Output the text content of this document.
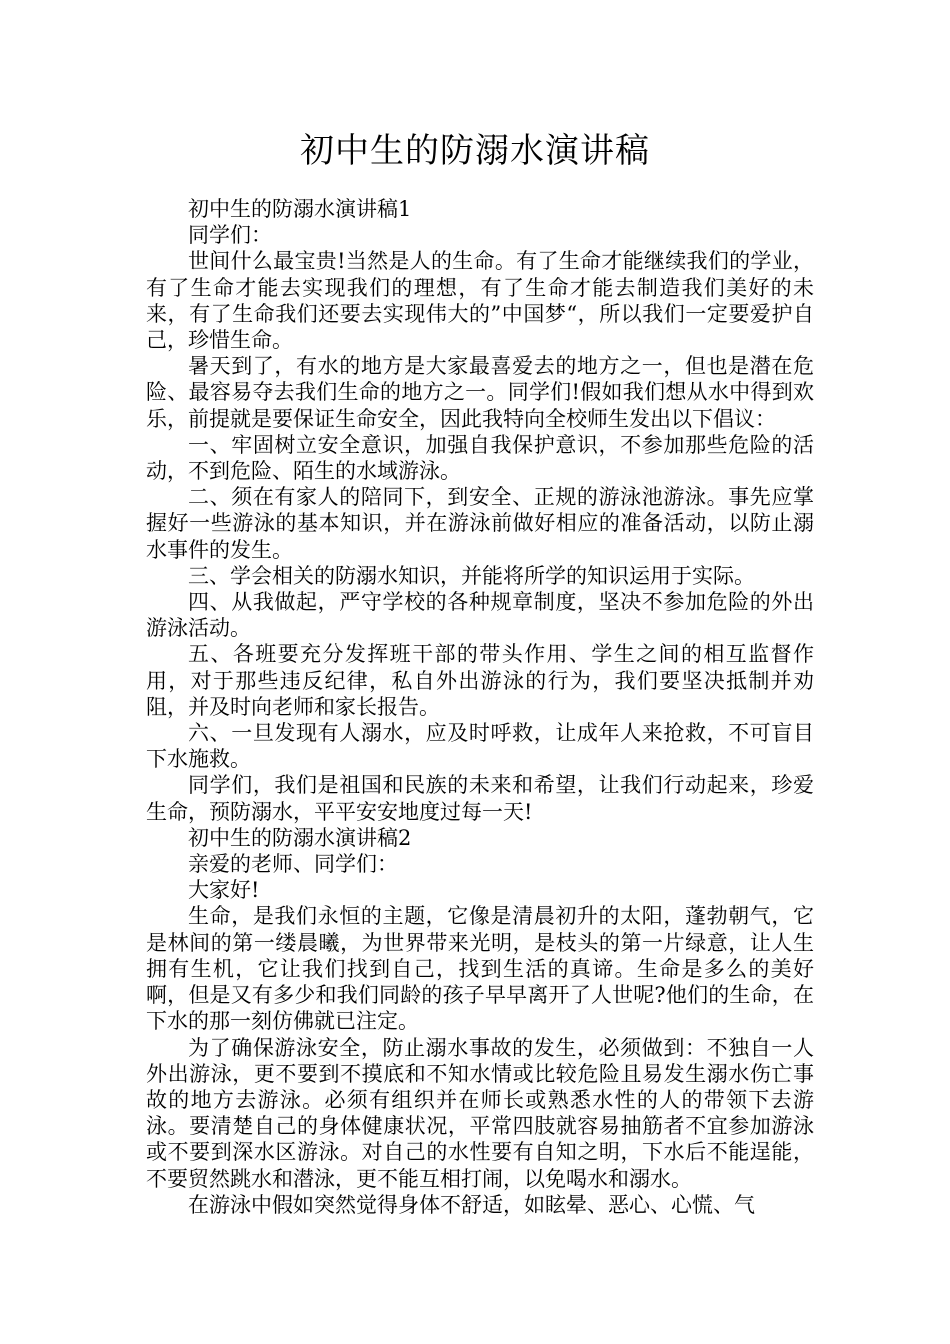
初中生的防溺水演讲稿

初中生的防溺水演讲稿1

同学们：

世间什么最宝贵!当然是人的生命。有了生命才能继续我们的学业，有了生命才能去实现我们的理想，有了生命才能去制造我们美好的未来，有了生命我们还要去实现伟大的”中国梦“，所以我们一定要爱护自己，珍惜生命。

暑天到了，有水的地方是大家最喜爱去的地方之一，但也是潜在危险、最容易夺去我们生命的地方之一。同学们!假如我们想从水中得到欢乐，前提就是要保证生命安全，因此我特向全校师生发出以下倡议：

一、牢固树立安全意识，加强自我保护意识，不参加那些危险的活动，不到危险、陌生的水域游泳。

二、须在有家人的陪同下，到安全、正规的游泳池游泳。事先应掌握好一些游泳的基本知识，并在游泳前做好相应的准备活动，以防止溺水事件的发生。

三、学会相关的防溺水知识，并能将所学的知识运用于实际。

四、从我做起，严守学校的各种规章制度，坚决不参加危险的外出游泳活动。

五、各班要充分发挥班干部的带头作用、学生之间的相互监督作用，对于那些违反纪律，私自外出游泳的行为，我们要坚决抵制并劝阻，并及时向老师和家长报告。

六、一旦发现有人溺水，应及时呼救，让成年人来抢救，不可盲目下水施救。

同学们，我们是祖国和民族的未来和希望，让我们行动起来，珍爱生命，预防溺水，平平安安地度过每一天!

初中生的防溺水演讲稿2

亲爱的老师、同学们：

大家好!

生命，是我们永恒的主题，它像是清晨初升的太阳，蓬勃朝气，它是林间的第一缕晨曦，为世界带来光明，是枝头的第一片绿意，让人生拥有生机，它让我们找到自己，找到生活的真谛。生命是多么的美好啊，但是又有多少和我们同龄的孩子早早离开了人世呢?他们的生命，在下水的那一刻仿佛就已注定。

为了确保游泳安全，防止溺水事故的发生，必须做到：不独自一人外出游泳，更不要到不摸底和不知水情或比较危险且易发生溺水伤亡事故的地方去游泳。必须有组织并在师长或熟悉水性的人的带领下去游泳。要清楚自己的身体健康状况，平常四肢就容易抽筋者不宜参加游泳或不要到深水区游泳。对自己的水性要有自知之明，下水后不能逞能，不要贸然跳水和潜泳，更不能互相打闹，以免喝水和溺水。

在游泳中假如突然觉得身体不舒适，如眩晕、恶心、心慌、气
